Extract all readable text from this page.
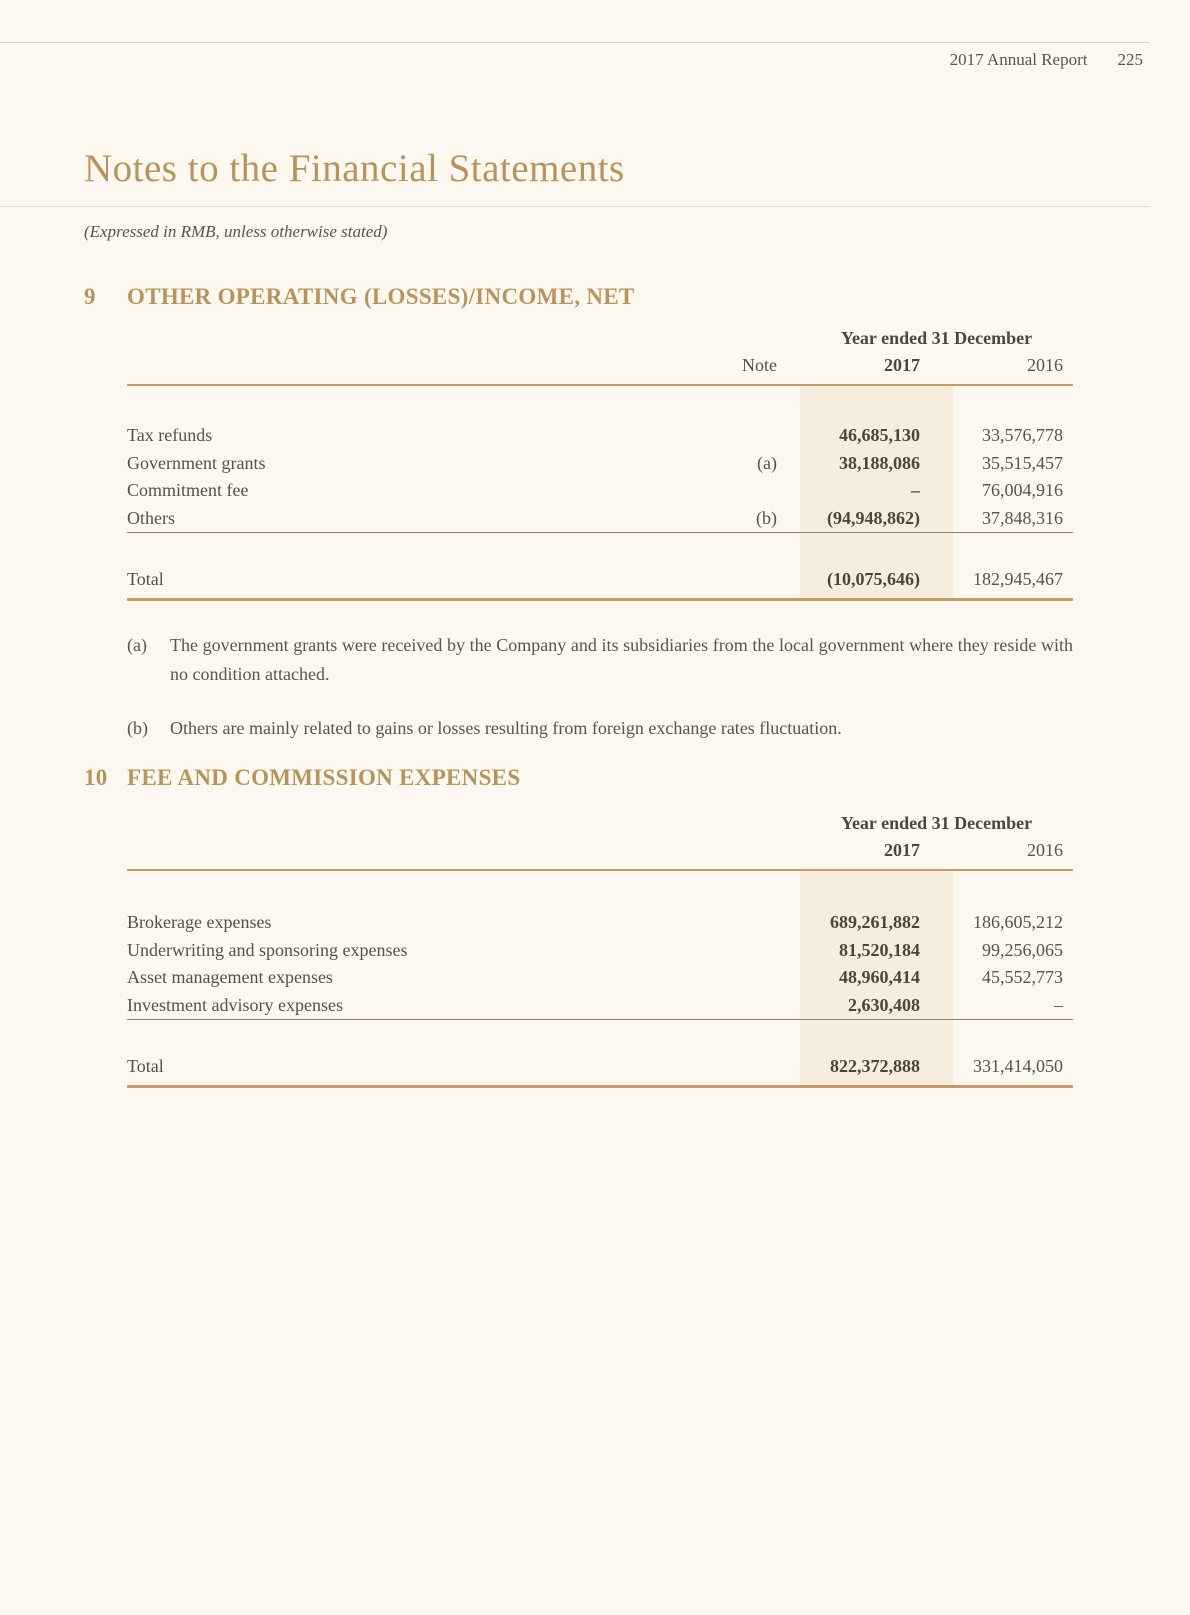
2017 Annual Report 225
Notes to the Financial Statements
(Expressed in RMB, unless otherwise stated)
9	OTHER OPERATING (LOSSES)/INCOME, NET
Year ended 31 December
Note	2017	2016
Tax refunds	46,685,130	33,576,778
Government grants	(a)	38,188,086	35,515,457
Commitment fee	–	76,004,916
Others	(b)	(94,948,862)	37,848,316
Total	(10,075,646)	182,945,467
(a)	The government grants were received by the Company and its subsidiaries from the local government where they reside with no condition attached.
(b)	Others are mainly related to gains or losses resulting from foreign exchange rates fluctuation.
10 FEE AND COMMISSION EXPENSES
Year ended 31 December
2017	2016
Brokerage expenses	689,261,882	186,605,212
Underwriting and sponsoring expenses	81,520,184	99,256,065
Asset management expenses	48,960,414	45,552,773
Investment advisory expenses	2,630,408	–
Total	822,372,888	331,414,050
